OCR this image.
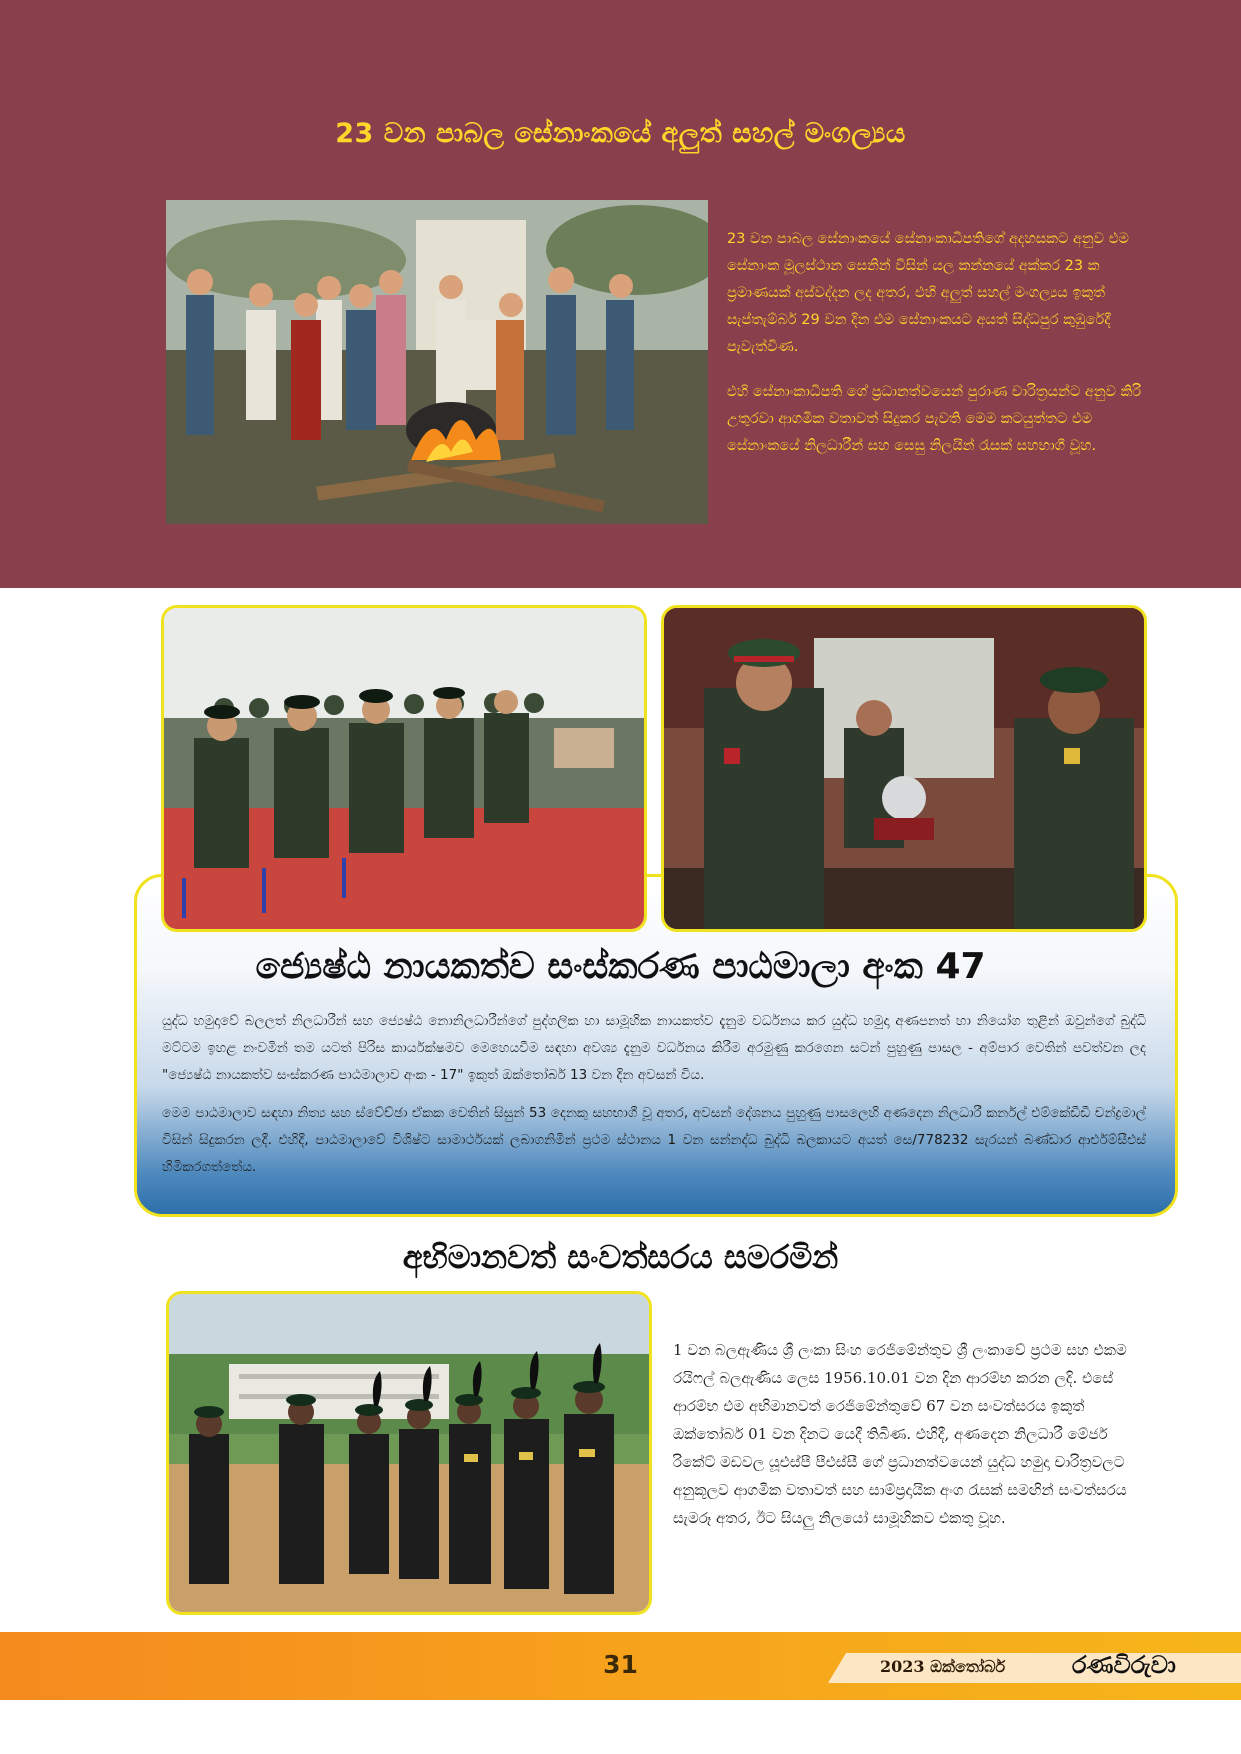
23 වන පාබල සේනාංකයේ අලුත් සහල් මංගල්‍යය

23 වන පාබල සේනාංකයේ සේනාංකාධිපතිගේ අදහසකට අනුව එම සේනාංක මූලස්ථාන සෙනින් විසින් යල කන්නයේ අක්කර 23 ක ප්‍රමාණයක් අස්වද්දන ලද අතර, එහි අලුත් සහල් මංගල්‍යය ඉකුත් සැප්තැම්බර් 29 වන දින එම සේනාංකයට අයත් සිද්ධපුර කුඹුරේදී පැවැත්විණ.

එහි සේනාංකාධිපති ගේ ප්‍රධානත්වයෙන් පුරාණ චාරිත්‍රයන්ට අනුව කිරි උතුරවා ආගමික වතාවත් සිදුකර පැවති මෙම කටයුත්තට එම සේනාංකයේ නිලධාරීන් සහ සෙසු නිලයින් රැසක් සහභාගී වූහ.

ජ්‍යෙෂ්ඨ නායකත්ව සංස්කරණ පාඨමාලා අංක 47

යුද්ධ හමුදාවේ බලලත් නිලධාරීන් සහ ජ්‍යෙෂ්ඨ නොනිලධාරීන්ගේ පුද්ගලික හා සාමූහික නායකත්ව දැනුම වර්ධනය කර යුද්ධ හමුදා අණපනත් හා නියෝග තුළින් ඔවුන්ගේ බුද්ධි මට්ටම ඉහළ නංවමින් තම යටත් පිරිස කාර්යක්ෂමව මෙහෙයවීම සඳහා අවශ්‍ය දැනුම වර්ධනය කිරීම අරමුණු කරගෙන සටන් පුහුණු පාසල - අම්පාර වෙතින් පවත්වන ලද "ජ්‍යෙෂ්ඨ නායකත්ව සංස්කරණ පාඨමාලාව අංක - 17" ඉකුත් ඔක්තෝබර් 13 වන දින අවසන් විය.

මෙම පාඨමාලාව සඳහා නිත්‍ය සහ ස්වේච්ඡා ඒකක වෙතින් සිසුන් 53 දෙනකු සහභාගී වූ අතර, අවසන් දේශනය පුහුණු පාසලෙහි අණදෙන නිලධාරී කර්නල් එම්කේඩීඩී චන්ද්‍රමාල් විසින් සිදුකරන ලදී. එහිදී, පාඨමාලාවේ විශිෂ්ට සාමාර්ථයක් ලබාගනිමින් ප්‍රථම ස්ථානය 1 වන සන්නද්ධ බුද්ධි බලකායට අයත් සෙ/778232 සැරයන් බණ්ඩාර ආර්එම්සීඑස් හිමිකරගත්තේය.

අභිමානවත් සංවත්සරය සමරමින්
1 වන බලඇණිය ශ්‍රී ලංකා සිංහ රෙජිමේන්තුව ශ්‍රී ලංකාවේ ප්‍රථම සහ එකම රයිෆල් බලඇණිය ලෙස 1956.10.01 වන දින ආරම්භ කරන ලදි. එසේ ආරම්භ එම අභිමානවත් රෙජිමේන්තුවේ 67 වන සංවත්සරය ඉකුත් ඔක්තෝබර් 01 වන දිනට යෙදී තිබිණ. එහිදී, අණදෙන නිලධාරී මේජර් රිකේට් මඩවල යූඑස්පී පීඑස්සී ගේ ප්‍රධානත්වයෙන් යුද්ධ හමුදා චාරිත්‍රවලට අනුකූලව ආගමික වතාවත් සහ සාම්ප්‍රදායික අංග රැසක් සමඟින් සංවත්සරය සැමරූ අතර, ඊට සියලු නිලයෝ සාමූහිකව එකතු වූහ.
31	2023 ඔක්තෝබර්	රණවිරුවා
